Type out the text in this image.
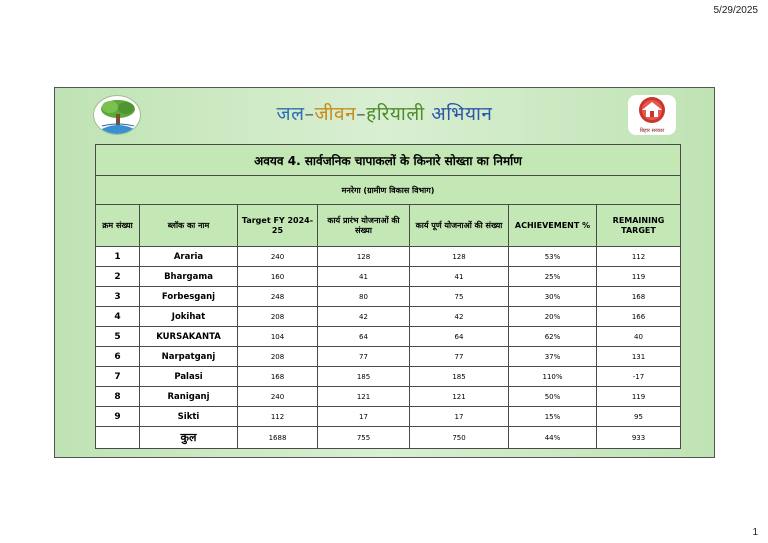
5/29/2025
जल–जीवन–हरियाली अभियान
बिहार सरकार
अवयव 4. सार्वजनिक चापाकलों के किनारे सोख्ता का निर्माण						
मनरेगा (ग्रामीण विकास विभाग)						
क्रम संख्या	ब्लॉक का नाम	Target FY 2024-25	कार्य प्रारंभ योजनाओं की संख्या	कार्य पूर्ण योजनाओं की संख्या	ACHIEVEMENT %	REMAINING TARGET
1	Araria	240	128	128	53%	112
2	Bhargama	160	41	41	25%	119
3	Forbesganj	248	80	75	30%	168
4	Jokihat	208	42	42	20%	166
5	KURSAKANTA	104	64	64	62%	40
6	Narpatganj	208	77	77	37%	131
7	Palasi	168	185	185	110%	-17
8	Raniganj	240	121	121	50%	119
9	Sikti	112	17	17	15%	95
	कुल	1688	755	750	44%	933
1
